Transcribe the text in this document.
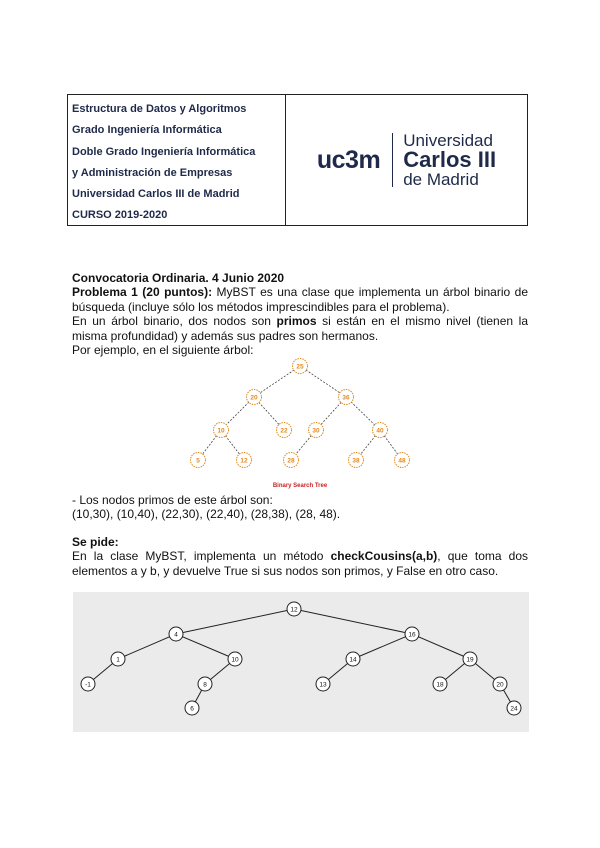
Estructura de Datos y Algoritmos
Grado Ingeniería Informática
Doble Grado Ingeniería Informática
y Administración de Empresas
Universidad Carlos III de Madrid
CURSO 2019-2020
uc3m
Universidad
Carlos III
de Madrid
Convocatoria Ordinaria. 4 Junio 2020
Problema 1 (20 puntos): MyBST es una clase que implementa un árbol binario de búsqueda (incluye sólo los métodos imprescindibles para el problema).
En un árbol binario, dos nodos son primos si están en el mismo nivel (tienen la misma profundidad) y además sus padres son hermanos.
Por ejemplo, en el siguiente árbol:
25
20	36
10	22	30	40
5	12	28	38	48
Binary Search Tree
- Los nodos primos de este árbol son:
(10,30), (10,40), (22,30), (22,40), (28,38), (28, 48).
Se pide:
En la clase MyBST, implementa un método checkCousins(a,b), que toma dos elementos a y b, y devuelve True si sus nodos son primos, y False en otro caso.
12
4	16
1	10	14	19
-1	8	13	18	20
6	24
